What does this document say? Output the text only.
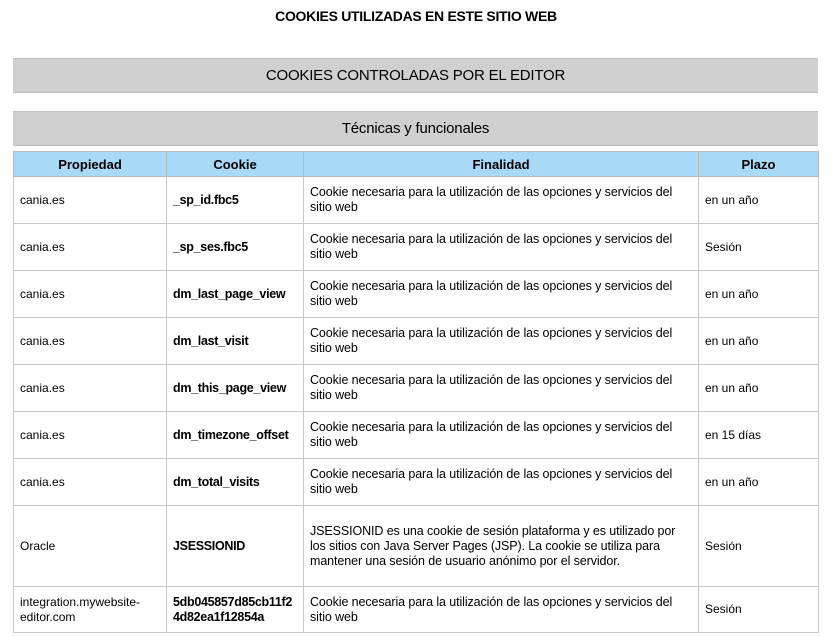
COOKIES UTILIZADAS EN ESTE SITIO WEB
COOKIES CONTROLADAS POR EL EDITOR
Técnicas y funcionales
Propiedad	Cookie	Finalidad	Plazo
cania.es	_sp_id.fbc5	Cookie necesaria para la utilización de las opciones y servicios del sitio web	en un año
cania.es	_sp_ses.fbc5	Cookie necesaria para la utilización de las opciones y servicios del sitio web	Sesión
cania.es	dm_last_page_view	Cookie necesaria para la utilización de las opciones y servicios del sitio web	en un año
cania.es	dm_last_visit	Cookie necesaria para la utilización de las opciones y servicios del sitio web	en un año
cania.es	dm_this_page_view	Cookie necesaria para la utilización de las opciones y servicios del sitio web	en un año
cania.es	dm_timezone_offset	Cookie necesaria para la utilización de las opciones y servicios del sitio web	en 15 días
cania.es	dm_total_visits	Cookie necesaria para la utilización de las opciones y servicios del sitio web	en un año
Oracle	JSESSIONID	JSESSIONID es una cookie de sesión plataforma y es utilizado por los sitios con Java Server Pages (JSP). La cookie se utiliza para mantener una sesión de usuario anónimo por el servidor.	Sesión
integration.mywebsite-editor.com	5db045857d85cb11f24d82ea1f12854a	Cookie necesaria para la utilización de las opciones y servicios del sitio web	Sesión
